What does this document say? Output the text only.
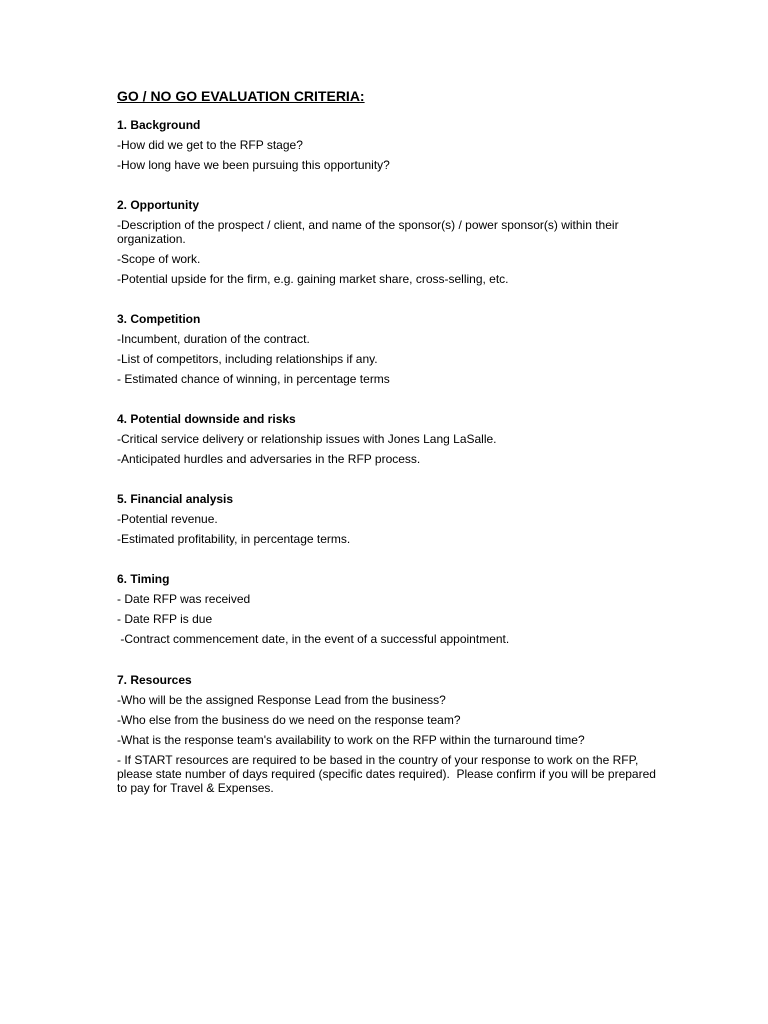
GO / NO GO EVALUATION CRITERIA:
1. Background
-How did we get to the RFP stage?
-How long have we been pursuing this opportunity?
2. Opportunity
-Description of the prospect / client, and name of the sponsor(s) / power sponsor(s) within their organization.
-Scope of work.
-Potential upside for the firm, e.g. gaining market share, cross-selling, etc.
3. Competition
-Incumbent, duration of the contract.
-List of competitors, including relationships if any.
- Estimated chance of winning, in percentage terms
4. Potential downside and risks
-Critical service delivery or relationship issues with Jones Lang LaSalle.
-Anticipated hurdles and adversaries in the RFP process.
5. Financial analysis
-Potential revenue.
-Estimated profitability, in percentage terms.
6. Timing
- Date RFP was received
- Date RFP is due
-Contract commencement date, in the event of a successful appointment.
7. Resources
-Who will be the assigned Response Lead from the business?
-Who else from the business do we need on the response team?
-What is the response team's availability to work on the RFP within the turnaround time?
- If START resources are required to be based in the country of your response to work on the RFP, please state number of days required (specific dates required).  Please confirm if you will be prepared to pay for Travel & Expenses.
